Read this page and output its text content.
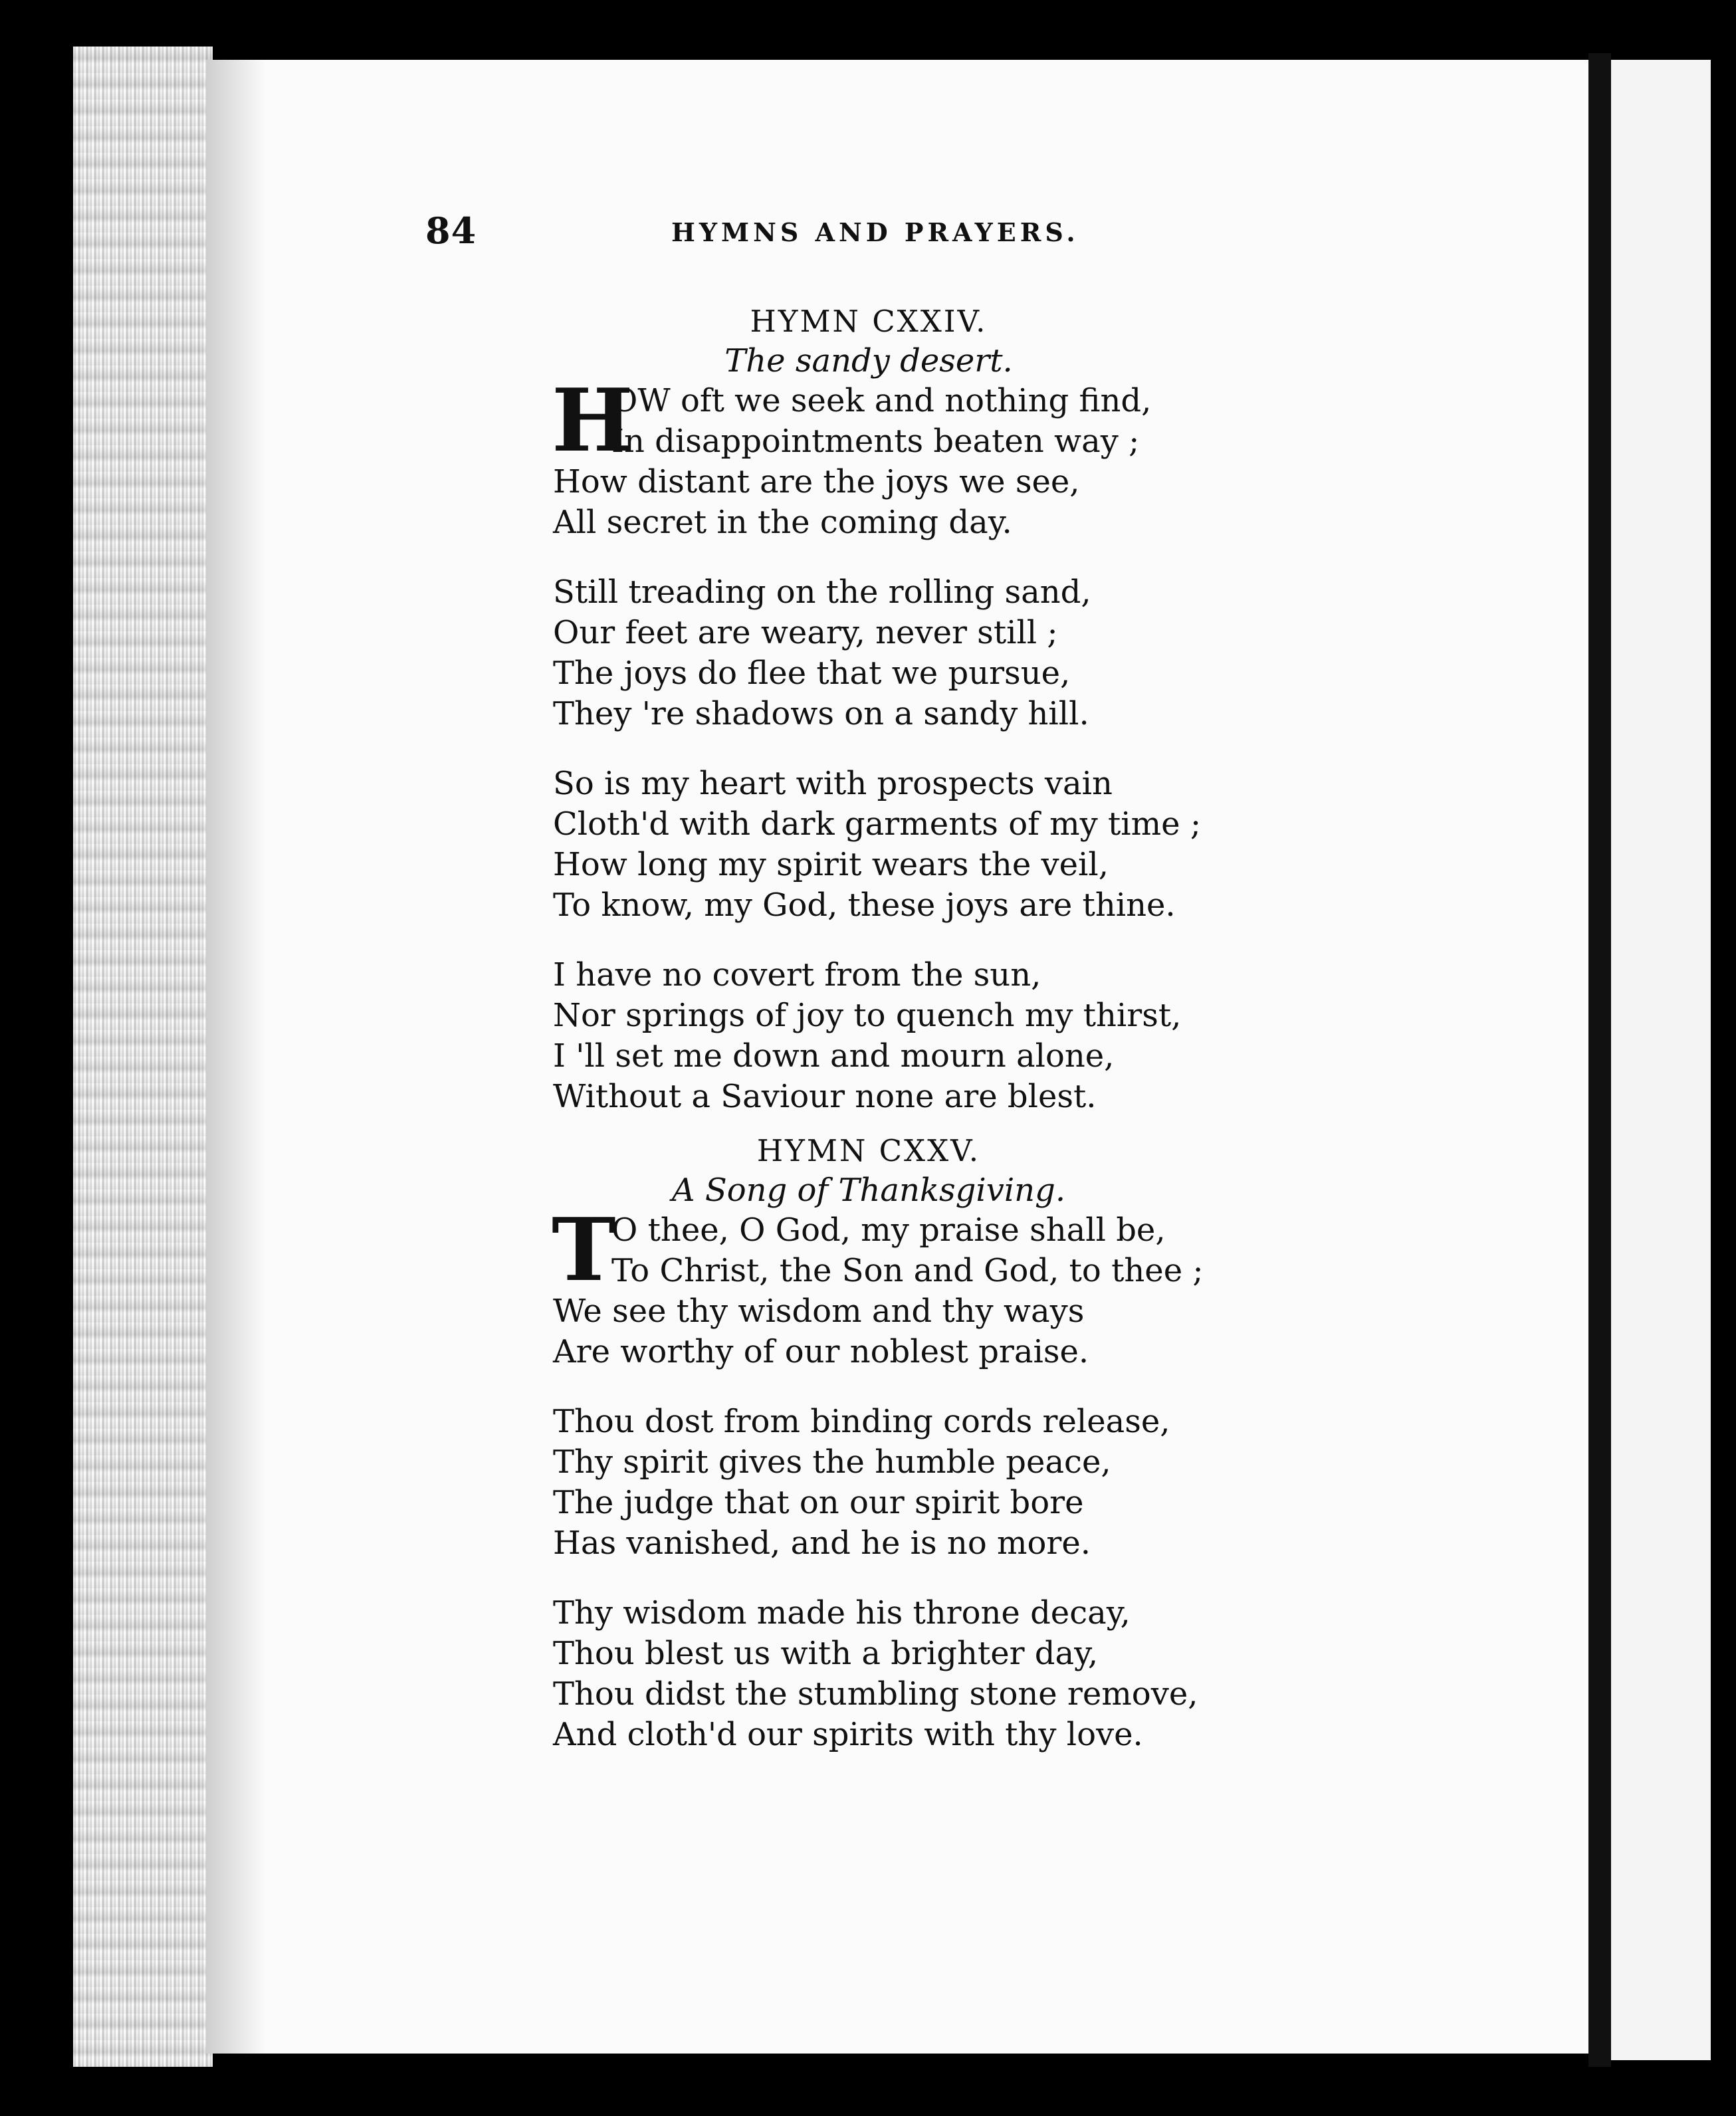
84	HYMNS AND PRAYERS.
HYMN CXXIV.
The sandy desert.
H
OW oft we seek and nothing find,
In disappointments beaten way ;
How distant are the joys we see,
All secret in the coming day.
Still treading on the rolling sand,
Our feet are weary, never still ;
The joys do flee that we pursue,
They 're shadows on a sandy hill.
So is my heart with prospects vain
Cloth'd with dark garments of my time ;
How long my spirit wears the veil,
To know, my God, these joys are thine.
I have no covert from the sun,
Nor springs of joy to quench my thirst,
I 'll set me down and mourn alone,
Without a Saviour none are blest.
HYMN CXXV.
A Song of Thanksgiving.
T
O thee, O God, my praise shall be,
To Christ, the Son and God, to thee ;
We see thy wisdom and thy ways
Are worthy of our noblest praise.
Thou dost from binding cords release,
Thy spirit gives the humble peace,
The judge that on our spirit bore
Has vanished, and he is no more.
Thy wisdom made his throne decay,
Thou blest us with a brighter day,
Thou didst the stumbling stone remove,
And cloth'd our spirits with thy love.
